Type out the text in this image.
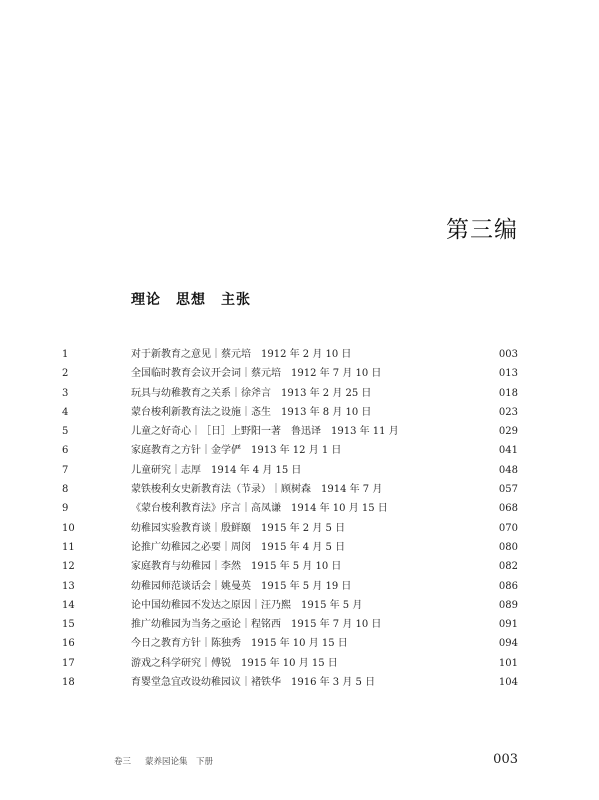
第三编
理论　思想　主张
1	对于新教育之意见｜蔡元培　1912 年 2 月 10 日	003
2	全国临时教育会议开会词｜蔡元培　1912 年 7 月 10 日	013
3	玩具与幼稚教育之关系｜徐斧言　1913 年 2 月 25 日	018
4	蒙台梭利新教育法之设施｜忞生　1913 年 8 月 10 日	023
5	儿童之好奇心｜［日］上野阳一著　鲁迅译　1913 年 11 月	029
6	家庭教育之方针｜金学俨　1913 年 12 月 1 日	041
7	儿童研究｜志厚　1914 年 4 月 15 日	048
8	蒙铁梭利女史新教育法（节录）｜顾树森　1914 年 7 月	057
9	《蒙台梭利教育法》序言｜高凤谦　1914 年 10 月 15 日	068
10	幼稚园实验教育谈｜殷鲜颐　1915 年 2 月 5 日	070
11	论推广幼稚园之必要｜周闵　1915 年 4 月 5 日	080
12	家庭教育与幼稚园｜李然　1915 年 5 月 10 日	082
13	幼稚园师范谈话会｜姚曼英　1915 年 5 月 19 日	086
14	论中国幼稚园不发达之原因｜汪乃熙　1915 年 5 月	089
15	推广幼稚园为当务之亟论｜程铭西　1915 年 7 月 10 日	091
16	今日之教育方针｜陈独秀　1915 年 10 月 15 日	094
17	游戏之科学研究｜傅锐　1915 年 10 月 15 日	101
18	育婴堂急宜改设幼稚园议｜褚铁华　1916 年 3 月 5 日	104
卷三 蒙养园论集　下册	003
